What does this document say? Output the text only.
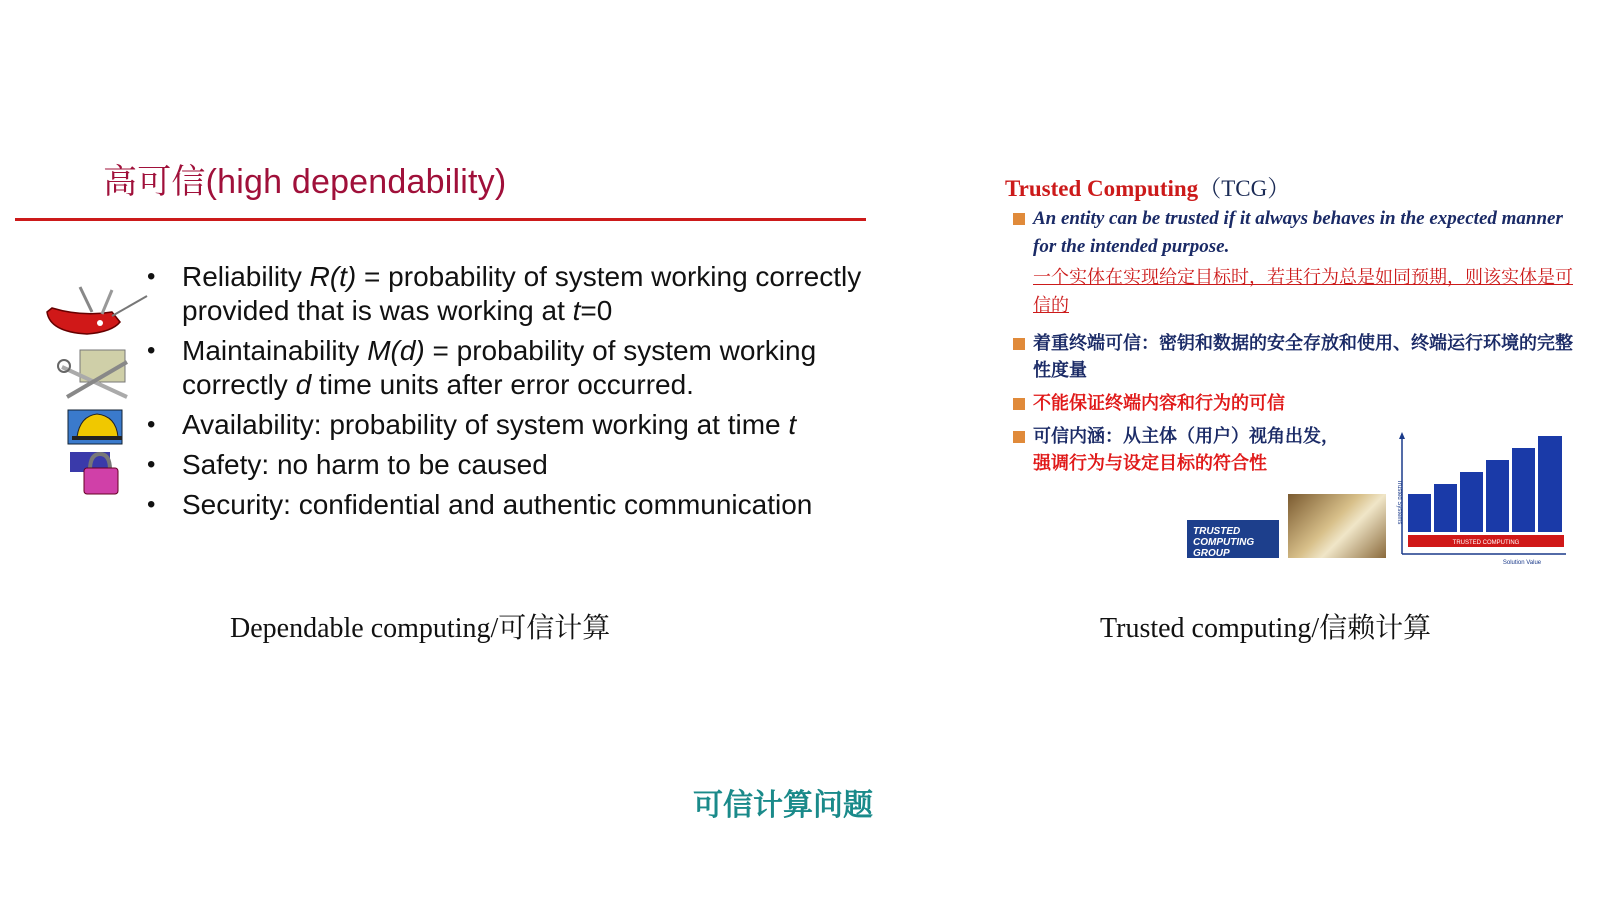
高可信(high dependability)
• Reliability R(t) = probability of system working correctly provided that is was working at t=0
• Maintainability M(d) = probability of system working correctly d time units after error occurred.
• Availability: probability of system working at time t
• Safety: no harm to be caused
• Security: confidential and authentic communication
Dependable computing/可信计算
Trusted Computing（TCG）
An entity can be trusted if it always behaves in the expected manner for the intended purpose.
一个实体在实现给定目标时，若其行为总是如同预期，则该实体是可信的
着重终端可信：密钥和数据的安全存放和使用、终端运行环境的完整性度量
不能保证终端内容和行为的可信
可信内涵：从主体（用户）视角出发，
强调行为与设定目标的符合性
TRUSTED COMPUTING GROUP
TRUSTED COMPUTING
Solution Value
Trusted Systems
Trusted computing/信赖计算
可信计算问题
